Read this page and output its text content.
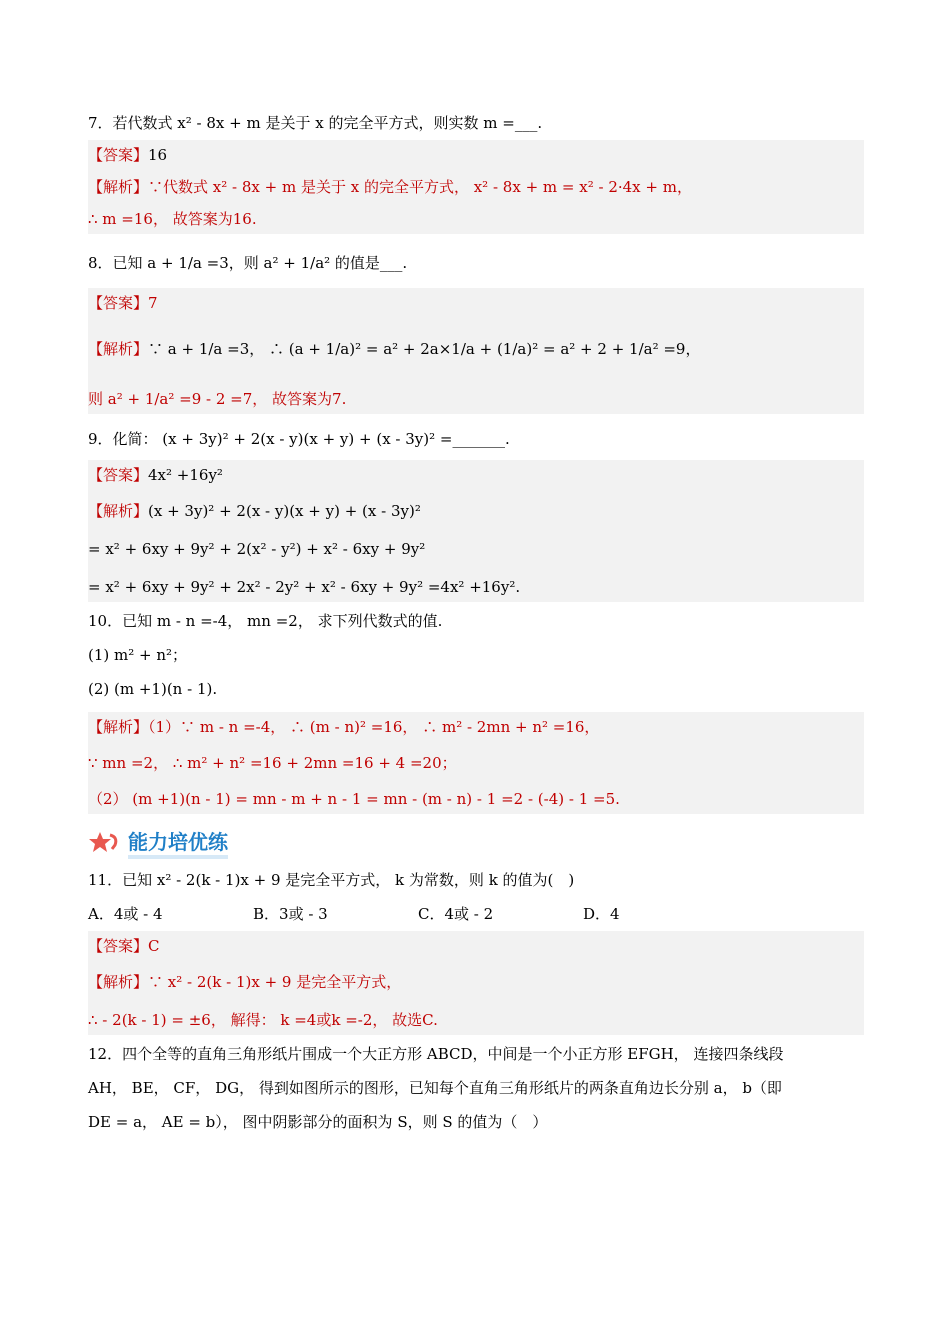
7．若代数式 x² - 8x + m 是关于 x 的完全平方式，则实数 m =___.

【答案】16
【解析】∵代数式 x² - 8x + m 是关于 x 的完全平方式， x² - 8x + m = x² - 2·4x + m，
∴ m =16， 故答案为16.

8．已知 a + 1/a =3，则 a² + 1/a² 的值是___.

【答案】7
【解析】∵ a + 1/a =3， ∴ (a + 1/a)² = a² + 2a×1/a + (1/a)² = a² + 2 + 1/a² =9，
则 a² + 1/a² =9 - 2 =7， 故答案为7.

9．化简： (x + 3y)² + 2(x - y)(x + y) + (x - 3y)² =_______.

【答案】4x² +16y²
【解析】(x + 3y)² + 2(x - y)(x + y) + (x - 3y)²
= x² + 6xy + 9y² + 2(x² - y²) + x² - 6xy + 9y²
= x² + 6xy + 9y² + 2x² - 2y² + x² - 6xy + 9y² =4x² +16y².

10．已知 m - n =-4， mn =2， 求下列代数式的值.

(1) m² + n²；

(2) (m +1)(n - 1).

【解析】（1）∵ m - n =-4， ∴ (m - n)² =16， ∴ m² - 2mn + n² =16，
∵ mn =2， ∴ m² + n² =16 + 2mn =16 + 4 =20；
（2） (m +1)(n - 1) = mn - m + n - 1 = mn - (m - n) - 1 =2 - (-4) - 1 =5.
能力培优练

11．已知 x² - 2(k - 1)x + 9 是完全平方式， k 为常数，则 k 的值为(　)

A．4或 - 4	B．3或 - 3	C．4或 - 2	D．4
【答案】C
【解析】∵ x² - 2(k - 1)x + 9 是完全平方式，
∴ - 2(k - 1) = ±6， 解得： k =4或k =-2， 故选C.

12．四个全等的直角三角形纸片围成一个大正方形 ABCD，中间是一个小正方形 EFGH， 连接四条线段

AH， BE， CF， DG， 得到如图所示的图形，已知每个直角三角形纸片的两条直角边长分别 a， b（即

DE = a， AE = b）， 图中阴影部分的面积为 S，则 S 的值为（　）
